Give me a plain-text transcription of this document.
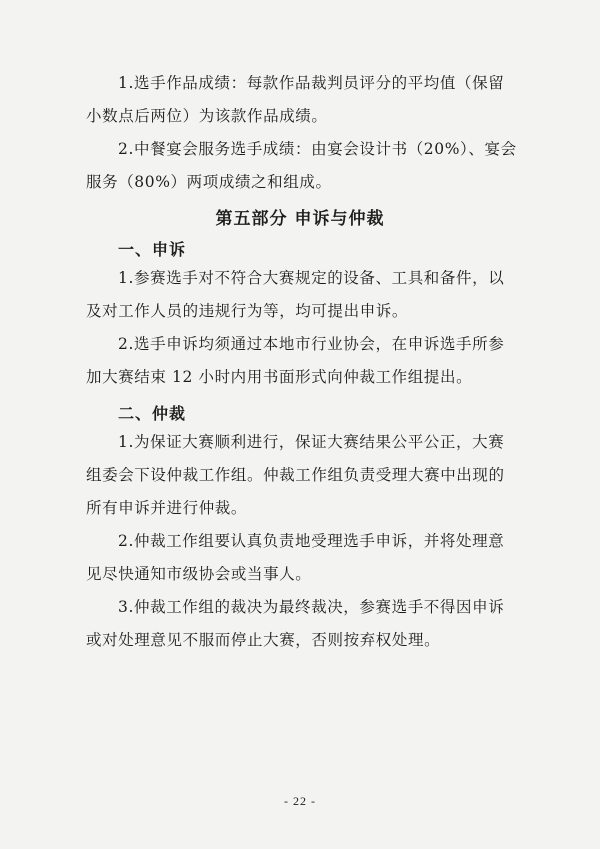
1.选手作品成绩：每款作品裁判员评分的平均值（保留

小数点后两位）为该款作品成绩。

2.中餐宴会服务选手成绩：由宴会设计书（20%）、宴会

服务（80%）两项成绩之和组成。

第五部分 申诉与仲裁
一、申诉

1.参赛选手对不符合大赛规定的设备、工具和备件，以

及对工作人员的违规行为等，均可提出申诉。

2.选手申诉均须通过本地市行业协会，在申诉选手所参

加大赛结束 12 小时内用书面形式向仲裁工作组提出。

二、仲裁

1.为保证大赛顺利进行，保证大赛结果公平公正，大赛

组委会下设仲裁工作组。仲裁工作组负责受理大赛中出现的

所有申诉并进行仲裁。

2.仲裁工作组要认真负责地受理选手申诉，并将处理意

见尽快通知市级协会或当事人。

3.仲裁工作组的裁决为最终裁决，参赛选手不得因申诉

或对处理意见不服而停止大赛，否则按弃权处理。

- 22 -
